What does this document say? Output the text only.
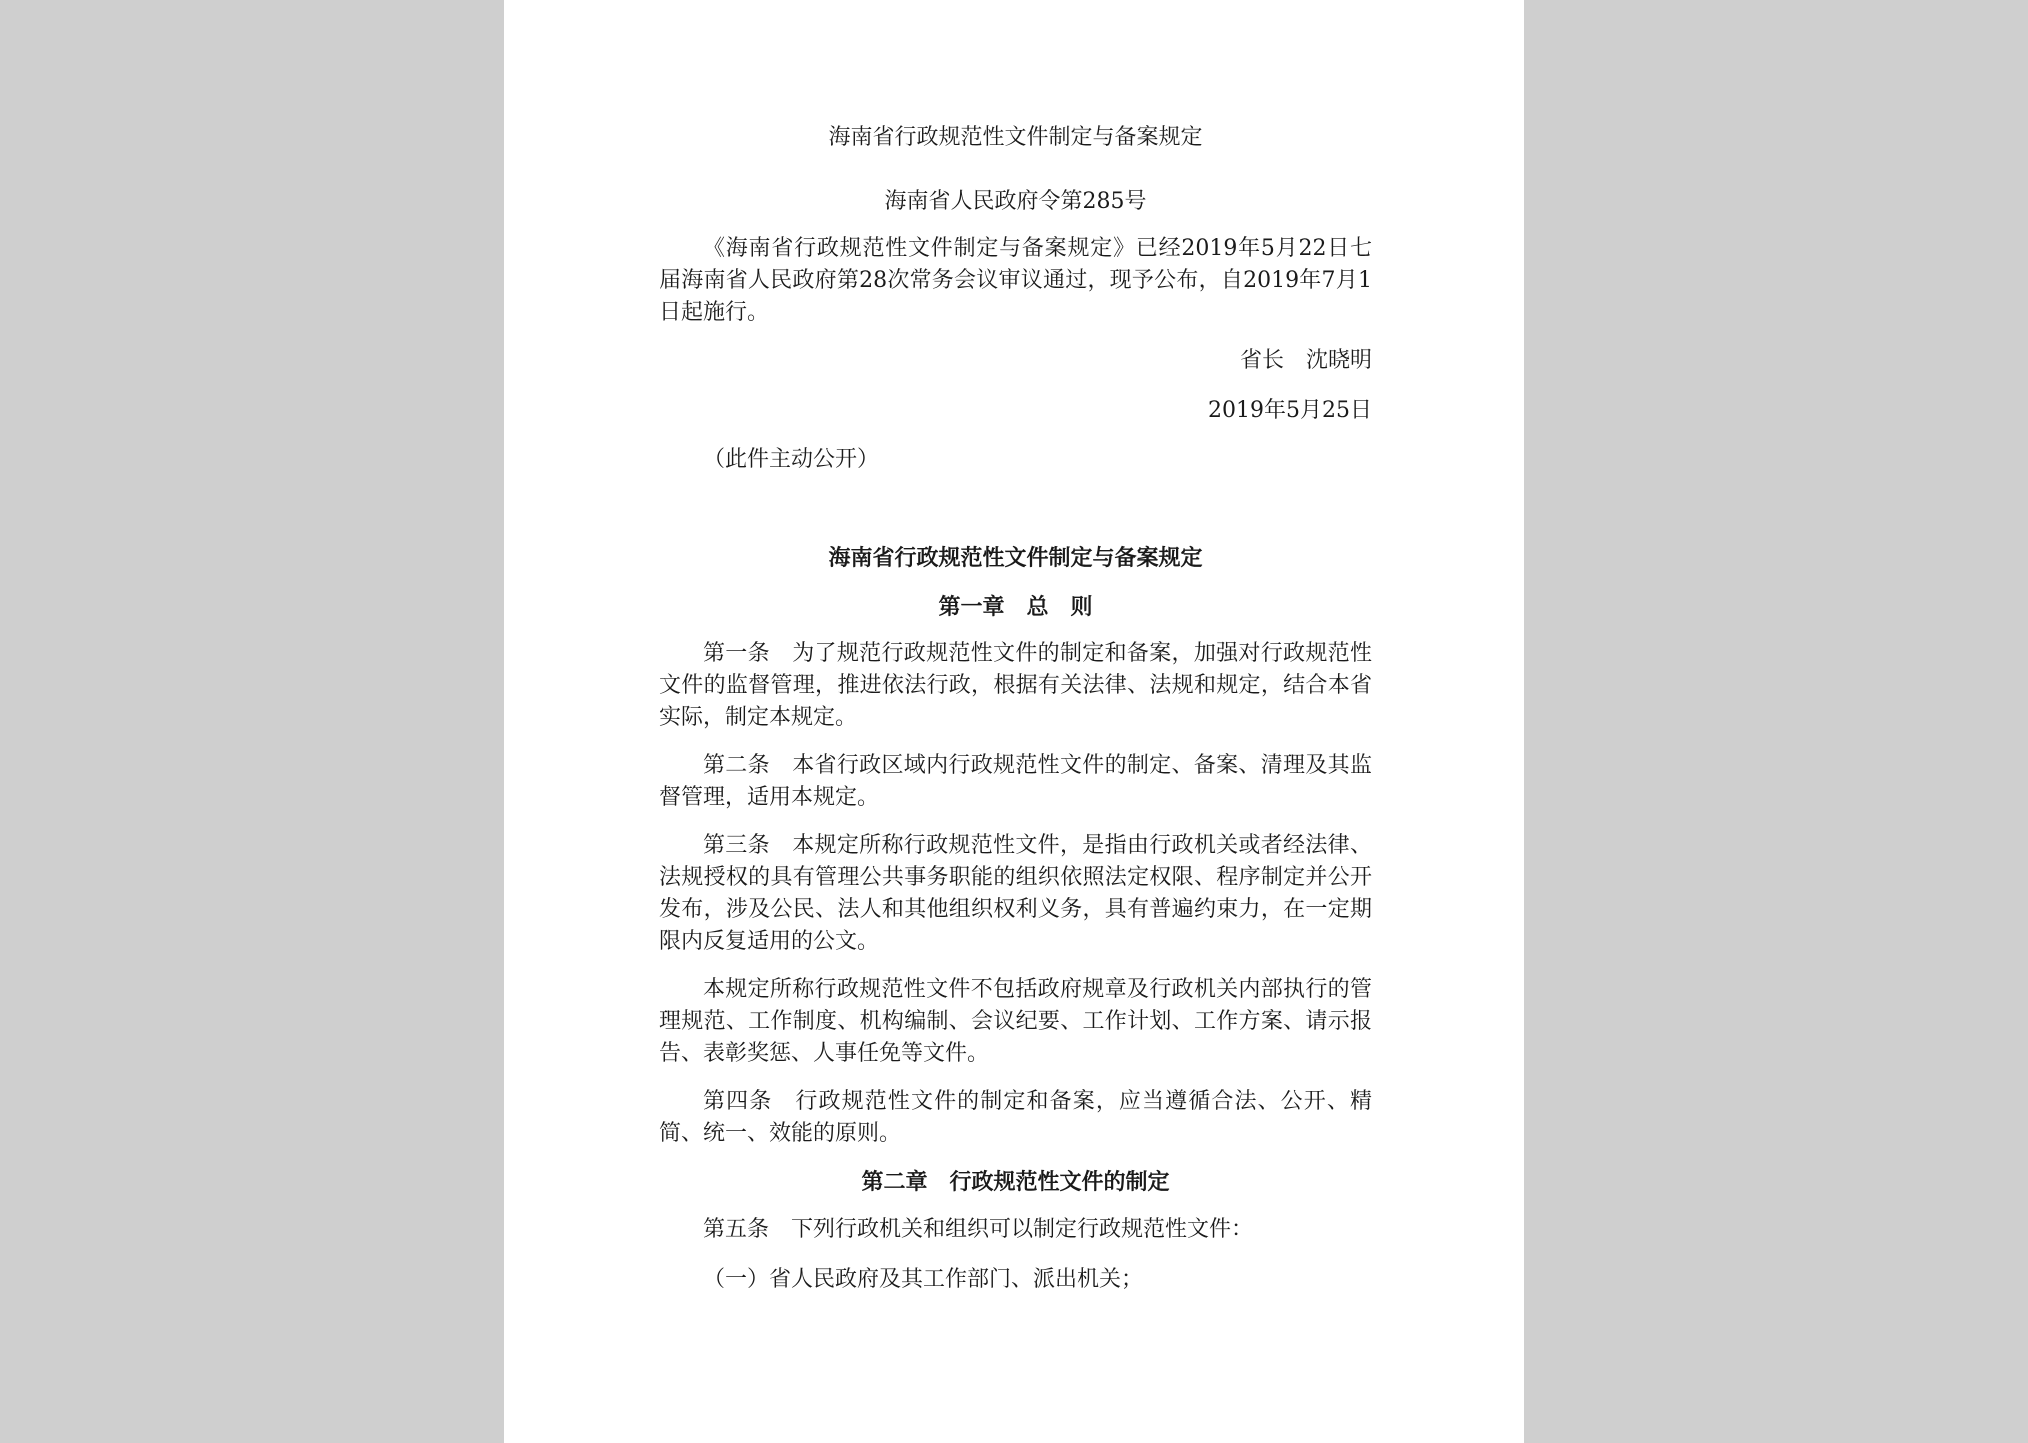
海南省行政规范性文件制定与备案规定
海南省人民政府令第285号
《海南省行政规范性文件制定与备案规定》已经2019年5月22日七届海南省人民政府第28次常务会议审议通过，现予公布，自2019年7月1日起施行。
省长　沈晓明
2019年5月25日
（此件主动公开）
海南省行政规范性文件制定与备案规定
第一章　总　则
第一条　为了规范行政规范性文件的制定和备案，加强对行政规范性文件的监督管理，推进依法行政，根据有关法律、法规和规定，结合本省实际，制定本规定。
第二条　本省行政区域内行政规范性文件的制定、备案、清理及其监督管理，适用本规定。
第三条　本规定所称行政规范性文件，是指由行政机关或者经法律、法规授权的具有管理公共事务职能的组织依照法定权限、程序制定并公开发布，涉及公民、法人和其他组织权利义务，具有普遍约束力，在一定期限内反复适用的公文。
本规定所称行政规范性文件不包括政府规章及行政机关内部执行的管理规范、工作制度、机构编制、会议纪要、工作计划、工作方案、请示报告、表彰奖惩、人事任免等文件。
第四条　行政规范性文件的制定和备案，应当遵循合法、公开、精简、统一、效能的原则。
第二章　行政规范性文件的制定
第五条　下列行政机关和组织可以制定行政规范性文件：
（一）省人民政府及其工作部门、派出机关；
